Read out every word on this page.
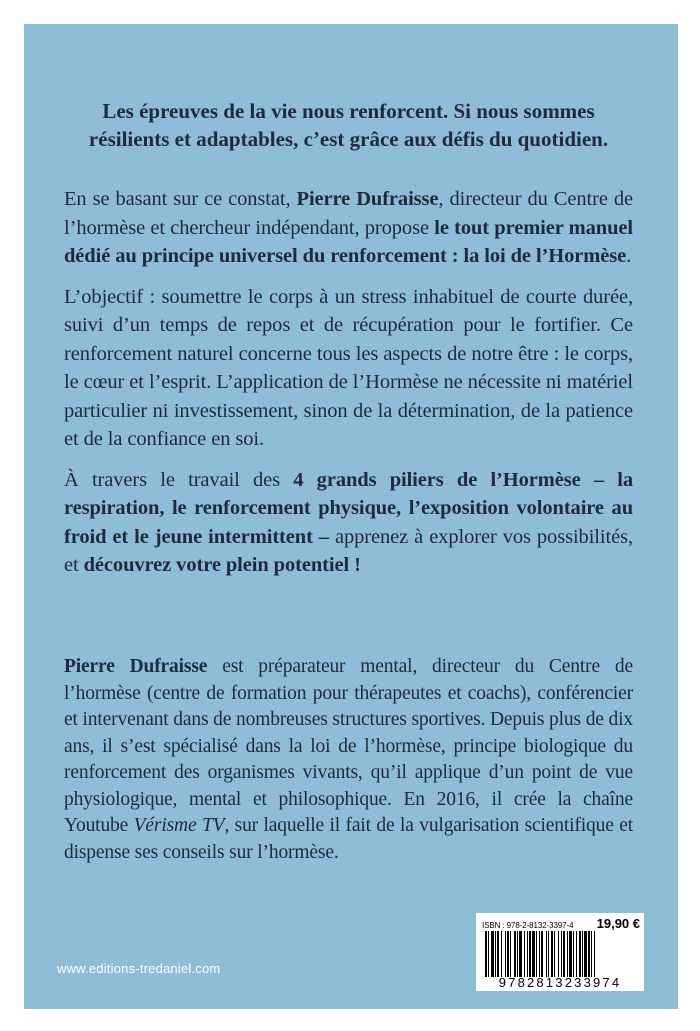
Les épreuves de la vie nous renforcent. Si nous sommes résilients et adaptables, c’est grâce aux défis du quotidien.

En se basant sur ce constat, Pierre Dufraisse, directeur du Centre de l’hormèse et chercheur indépendant, propose le tout premier manuel dédié au principe universel du renforcement : la loi de l’Hormèse.

L’objectif : soumettre le corps à un stress inhabituel de courte durée, suivi d’un temps de repos et de récupération pour le fortifier. Ce renforcement naturel concerne tous les aspects de notre être : le corps, le cœur et l’esprit. L’application de l’Hormèse ne nécessite ni matériel particulier ni investissement, sinon de la détermination, de la patience et de la confiance en soi.

À travers le travail des 4 grands piliers de l’Hormèse – la respiration, le renforcement physique, l’exposition volontaire au froid et le jeune intermittent – apprenez à explorer vos possibilités, et découvrez votre plein potentiel !

Pierre Dufraisse est préparateur mental, directeur du Centre de l’hormèse (centre de formation pour thérapeutes et coachs), conférencier et intervenant dans de nombreuses structures sportives. Depuis plus de dix ans, il s’est spécialisé dans la loi de l’hormèse, principe biologique du renforcement des organismes vivants, qu’il applique d’un point de vue physiologique, mental et philosophique. En 2016, il crée la chaîne Youtube Vérisme TV, sur laquelle il fait de la vulgarisation scientifique et dispense ses conseils sur l’hormèse.

www.editions-tredaniel.com
ISBN : 978-2-8132-3397-4 19,90 €
9782813233974
